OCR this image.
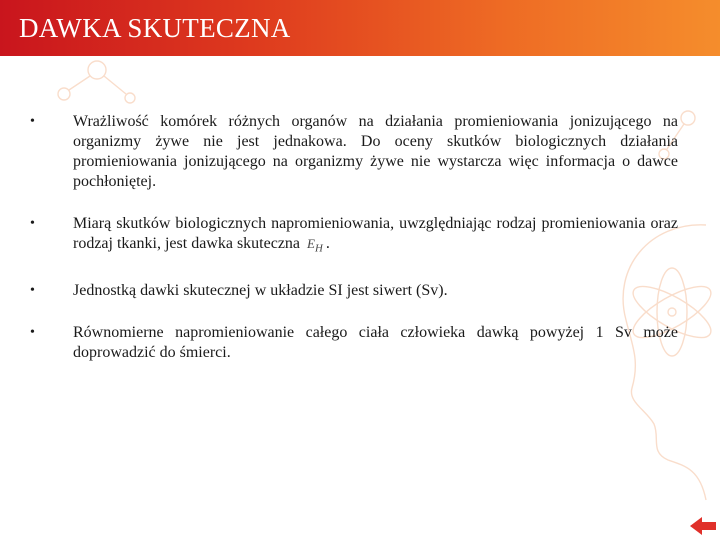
DAWKA SKUTECZNA
•	Wrażliwość komórek różnych organów na działania promieniowania jonizującego na organizmy żywe nie jest jednakowa. Do oceny skutków biologicznych działania promieniowania jonizującego na organizmy żywe nie wystarcza więc informacja o dawce pochłoniętej.
•	Miarą skutków biologicznych napromieniowania, uwzględniając rodzaj promieniowania oraz rodzaj tkanki, jest dawka skuteczna $E_H$ .
•	Jednostką dawki skutecznej w układzie SI jest siwert (Sv).
•	Równomierne napromieniowanie całego ciała człowieka dawką powyżej 1 Sv może doprowadzić do śmierci.
